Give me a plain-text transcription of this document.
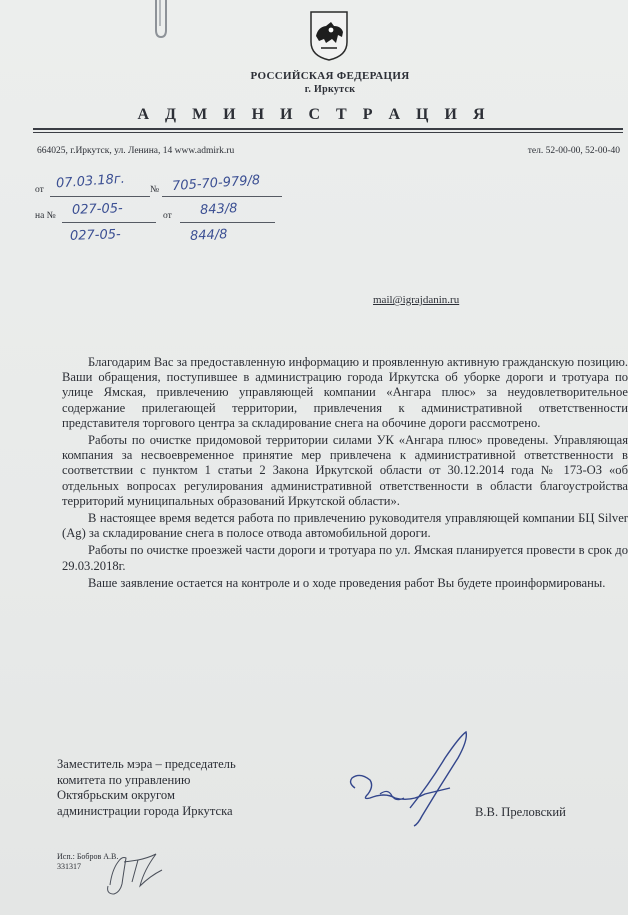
РОССИЙСКАЯ ФЕДЕРАЦИЯ
г. Иркутск
А Д М И Н И С Т Р А Ц И Я
664025, г.Иркутск, ул. Ленина, 14 www.admirk.ru	тел. 52-00-00, 52-00-40
от 07.03.18г.	№ 705-70-979/8
на № 027-05-	от 843/8
027-05-	844/8
mail@igrajdanin.ru

Благодарим Вас за предоставленную информацию и проявленную активную гражданскую позицию. Ваши обращения, поступившее в администрацию города Иркутска об уборке дороги и тротуара по улице Ямская, привлечению управляющей компании «Ангара плюс» за неудовлетворительное содержание прилегающей территории, привлечения к административной ответственности представителя торгового центра за складирование снега на обочине дороги рассмотрено.

Работы по очистке придомовой территории силами УК «Ангара плюс» проведены. Управляющая компания за несвоевременное принятие мер привлечена к административной ответственности в соответствии с пунктом 1 статьи 2 Закона Иркутской области от 30.12.2014 года № 173-ОЗ «об отдельных вопросах регулирования административной ответственности в области благоустройства территорий муниципальных образований Иркутской области».

В настоящее время ведется работа по привлечению руководителя управляющей компании БЦ Silver (Ag) за складирование снега в полосе отвода автомобильной дороги.

Работы по очистке проезжей части дороги и тротуара по ул. Ямская планируется провести в срок до 29.03.2018г.

Ваше заявление остается на контроле и о ходе проведения работ Вы будете проинформированы.

Заместитель мэра – председатель
комитета по управлению
Октябрьским округом
администрации города Иркутска	В.В. Преловский
Исп.: Бобров А.В.
331317
